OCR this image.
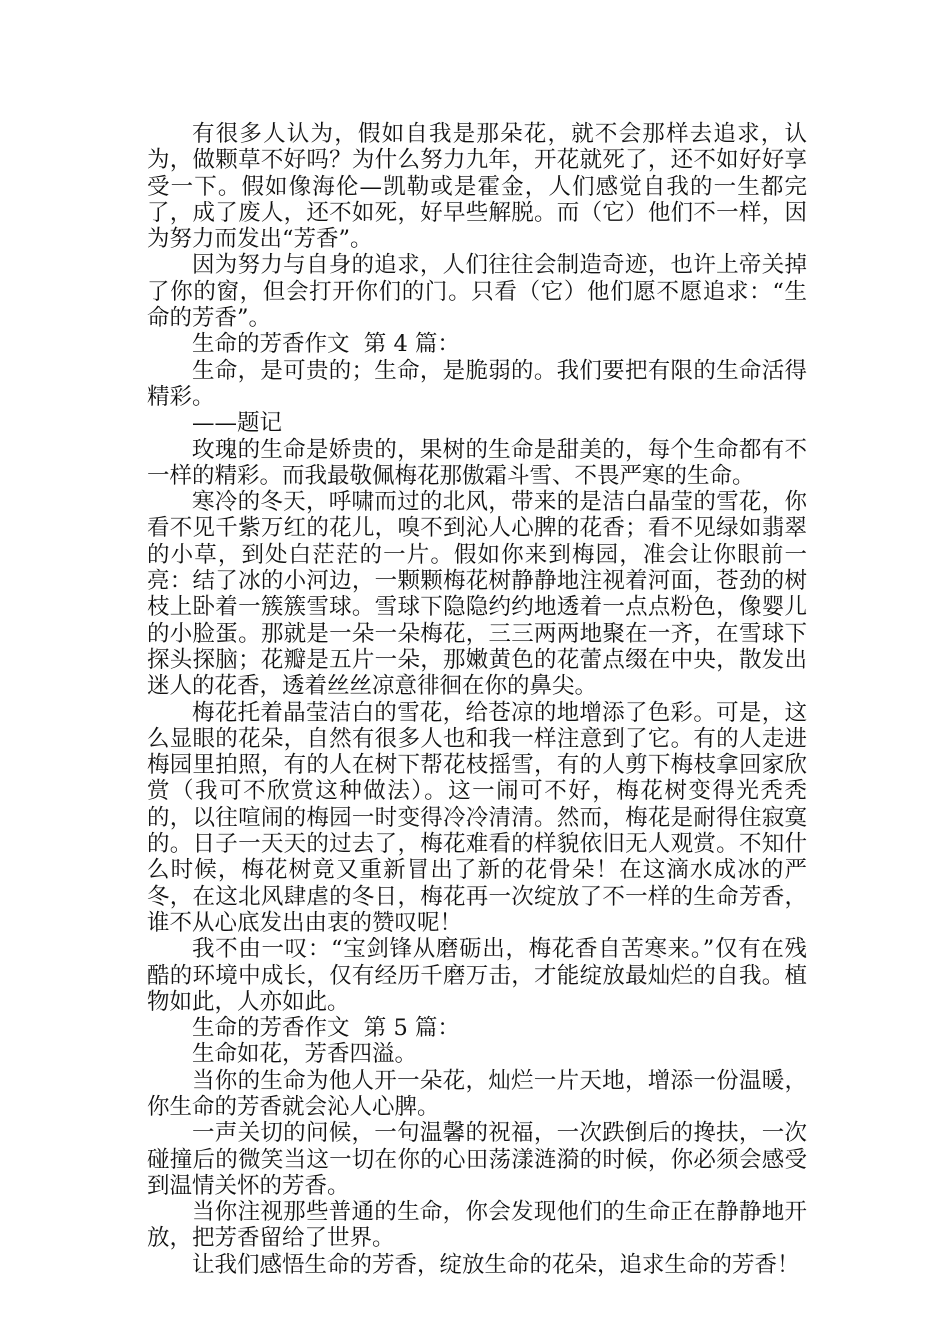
有很多人认为，假如自我是那朵花，就不会那样去追求，认为，做颗草不好吗？为什么努力九年，开花就死了，还不如好好享受一下。假如像海伦—凯勒或是霍金，人们感觉自我的一生都完了，成了废人，还不如死，好早些解脱。而（它）他们不一样，因为努力而发出“芳香”。

因为努力与自身的追求，人们往往会制造奇迹，也许上帝关掉了你的窗，但会打开你们的门。只看（它）他们愿不愿追求：“生命的芳香”。

生命的芳香作文  第 4 篇：

生命，是可贵的；生命，是脆弱的。我们要把有限的生命活得精彩。

——题记

玫瑰的生命是娇贵的，果树的生命是甜美的，每个生命都有不一样的精彩。而我最敬佩梅花那傲霜斗雪、不畏严寒的生命。

寒冷的冬天，呼啸而过的北风，带来的是洁白晶莹的雪花，你看不见千紫万红的花儿，嗅不到沁人心脾的花香；看不见绿如翡翠的小草，到处白茫茫的一片。假如你来到梅园，准会让你眼前一亮：结了冰的小河边，一颗颗梅花树静静地注视着河面，苍劲的树枝上卧着一簇簇雪球。雪球下隐隐约约地透着一点点粉色，像婴儿的小脸蛋。那就是一朵一朵梅花，三三两两地聚在一齐，在雪球下探头探脑；花瓣是五片一朵，那嫩黄色的花蕾点缀在中央，散发出迷人的花香，透着丝丝凉意徘徊在你的鼻尖。

梅花托着晶莹洁白的雪花，给苍凉的地增添了色彩。可是，这么显眼的花朵，自然有很多人也和我一样注意到了它。有的人走进梅园里拍照，有的人在树下帮花枝摇雪，有的人剪下梅枝拿回家欣赏（我可不欣赏这种做法）。这一闹可不好，梅花树变得光秃秃的，以往喧闹的梅园一时变得冷冷清清。然而，梅花是耐得住寂寞的。日子一天天的过去了，梅花难看的样貌依旧无人观赏。不知什么时候，梅花树竟又重新冒出了新的花骨朵！在这滴水成冰的严冬，在这北风肆虐的冬日，梅花再一次绽放了不一样的生命芳香，谁不从心底发出由衷的赞叹呢！

我不由一叹：“宝剑锋从磨砺出，梅花香自苦寒来。”仅有在残酷的环境中成长，仅有经历千磨万击，才能绽放最灿烂的自我。植物如此，人亦如此。

生命的芳香作文  第 5 篇：

生命如花，芳香四溢。

当你的生命为他人开一朵花，灿烂一片天地，增添一份温暖，你生命的芳香就会沁人心脾。

一声关切的问候，一句温馨的祝福，一次跌倒后的搀扶，一次碰撞后的微笑当这一切在你的心田荡漾涟漪的时候，你必须会感受到温情关怀的芳香。

当你注视那些普通的生命，你会发现他们的生命正在静静地开放，把芳香留给了世界。

让我们感悟生命的芳香，绽放生命的花朵，追求生命的芳香！
